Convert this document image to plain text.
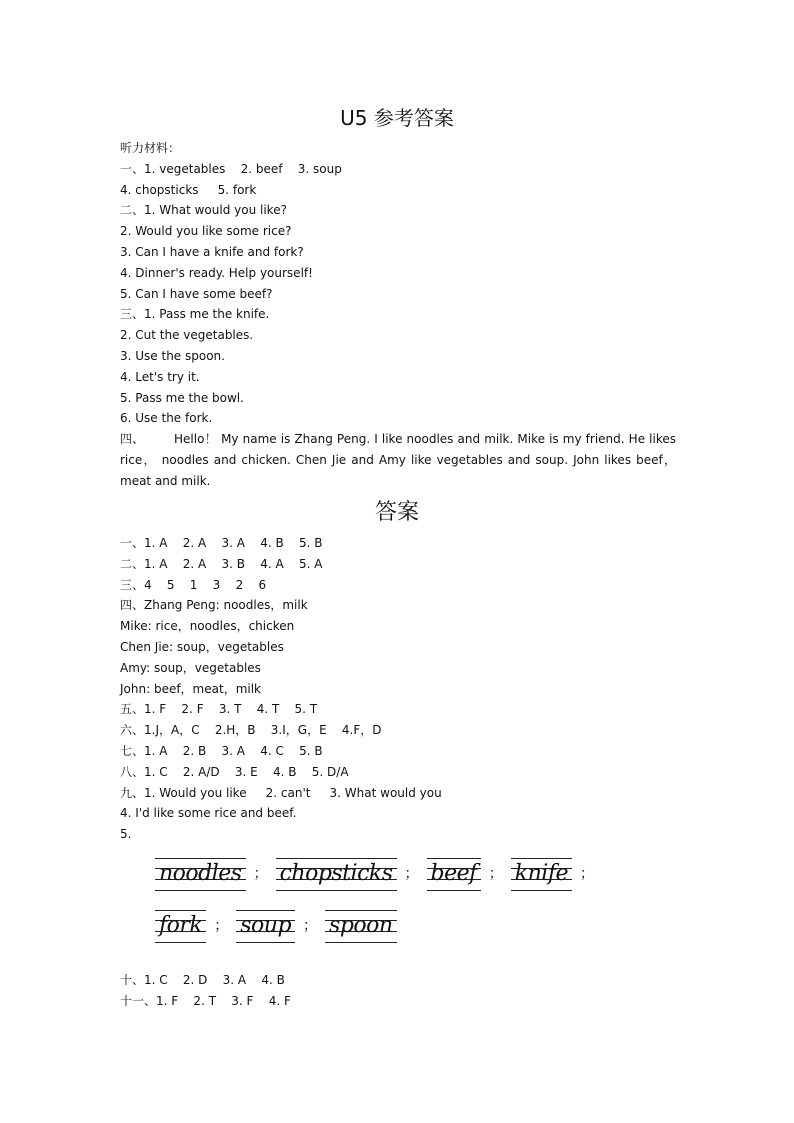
U5 参考答案
听力材料：
一、1. vegetables    2. beef    3. soup
4. chopsticks     5. fork
二、1. What would you like?
2. Would you like some rice?
3. Can I have a knife and fork?
4. Dinner's ready. Help yourself!
5. Can I have some beef?
三、1. Pass me the knife.
2. Cut the vegetables.
3. Use the spoon.
4. Let's try it.
5. Pass me the bowl.
6. Use the fork.
四、 Hello！ My name is Zhang Peng. I like noodles and milk. Mike is my friend. He likes rice， noodles and chicken. Chen Jie and Amy like vegetables and soup. John likes beef， meat and milk.
答案
一、1. A    2. A    3. A    4. B    5. B
二、1. A    2. A    3. B    4. A    5. A
三、4    5    1    3    2    6
四、Zhang Peng: noodles，milk
Mike: rice，noodles，chicken
Chen Jie: soup，vegetables
Amy: soup，vegetables
John: beef，meat，milk
五、1. F    2. F    3. T    4. T    5. T
六、1.J，A，C    2.H，B    3.I，G，E    4.F，D
七、1. A    2. B    3. A    4. C    5. B
八、1. C    2. A/D    3. E    4. B    5. D/A
九、1. Would you like     2. can't     3. What would you
4. I'd like some rice and beef.
5.
noodles ； chopsticks ； beef ； knife ；
fork ； soup ； spoon
十、1. C    2. D    3. A    4. B
十一、1. F    2. T    3. F    4. F
